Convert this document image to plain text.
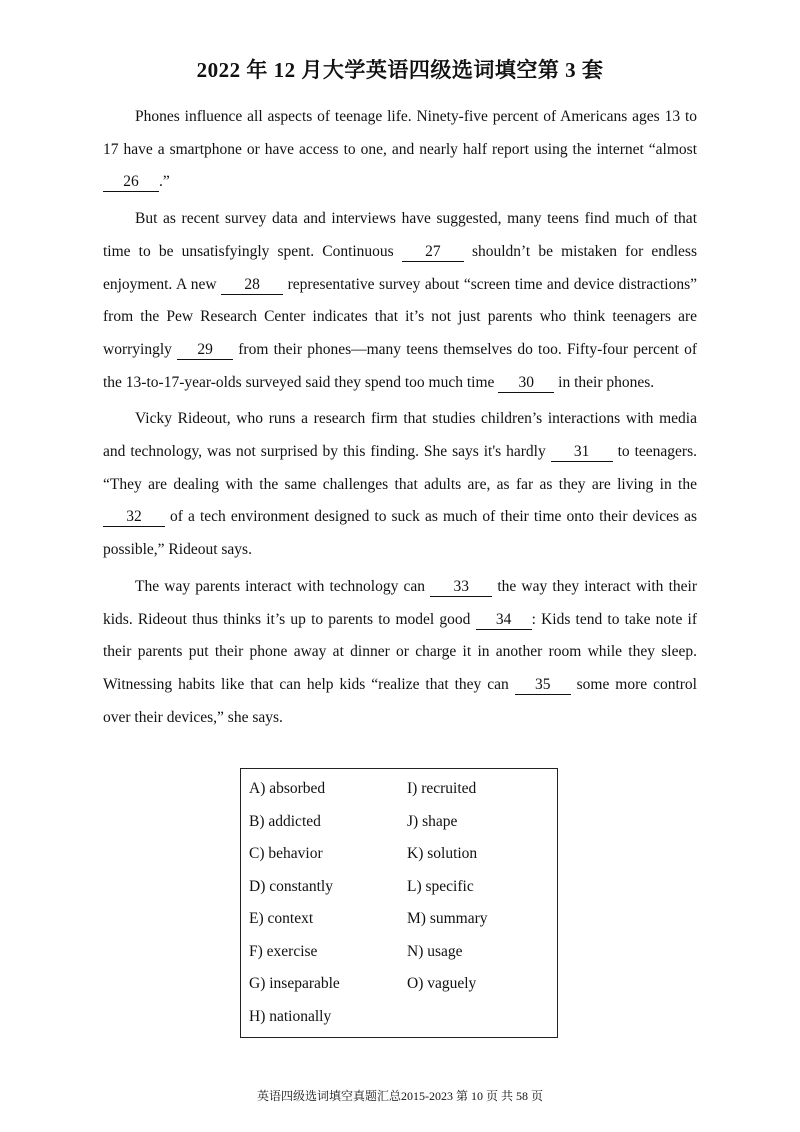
2022 年 12 月大学英语四级选词填空第 3 套

Phones influence all aspects of teenage life. Ninety-five percent of Americans ages 13 to 17 have a smartphone or have access to one, and nearly half report using the internet “almost 26 .”

But as recent survey data and interviews have suggested, many teens find much of that time to be unsatisfyingly spent. Continuous 27 shouldn’t be mistaken for endless enjoyment. A new 28 representative survey about “screen time and device distractions” from the Pew Research Center indicates that it’s not just parents who think teenagers are worryingly 29 from their phones—many teens themselves do too. Fifty-four percent of the 13-to-17-year-olds surveyed said they spend too much time 30 in their phones.

Vicky Rideout, who runs a research firm that studies children’s interactions with media and technology, was not surprised by this finding. She says it's hardly 31 to teenagers. “They are dealing with the same challenges that adults are, as far as they are living in the 32 of a tech environment designed to suck as much of their time onto their devices as possible,” Rideout says.

The way parents interact with technology can 33 the way they interact with their kids. Rideout thus thinks it’s up to parents to model good 34 : Kids tend to take note if their parents put their phone away at dinner or charge it in another room while they sleep. Witnessing habits like that can help kids “realize that they can 35 some more control over their devices,” she says.

A) absorbed
B) addicted
C) behavior
D) constantly
E) context
F) exercise
G) inseparable
H) nationally
I) recruited
J) shape
K) solution
L) specific
M) summary
N) usage
O) vaguely
英语四级选词填空真题汇总2015-2023 第 10 页 共 58 页
